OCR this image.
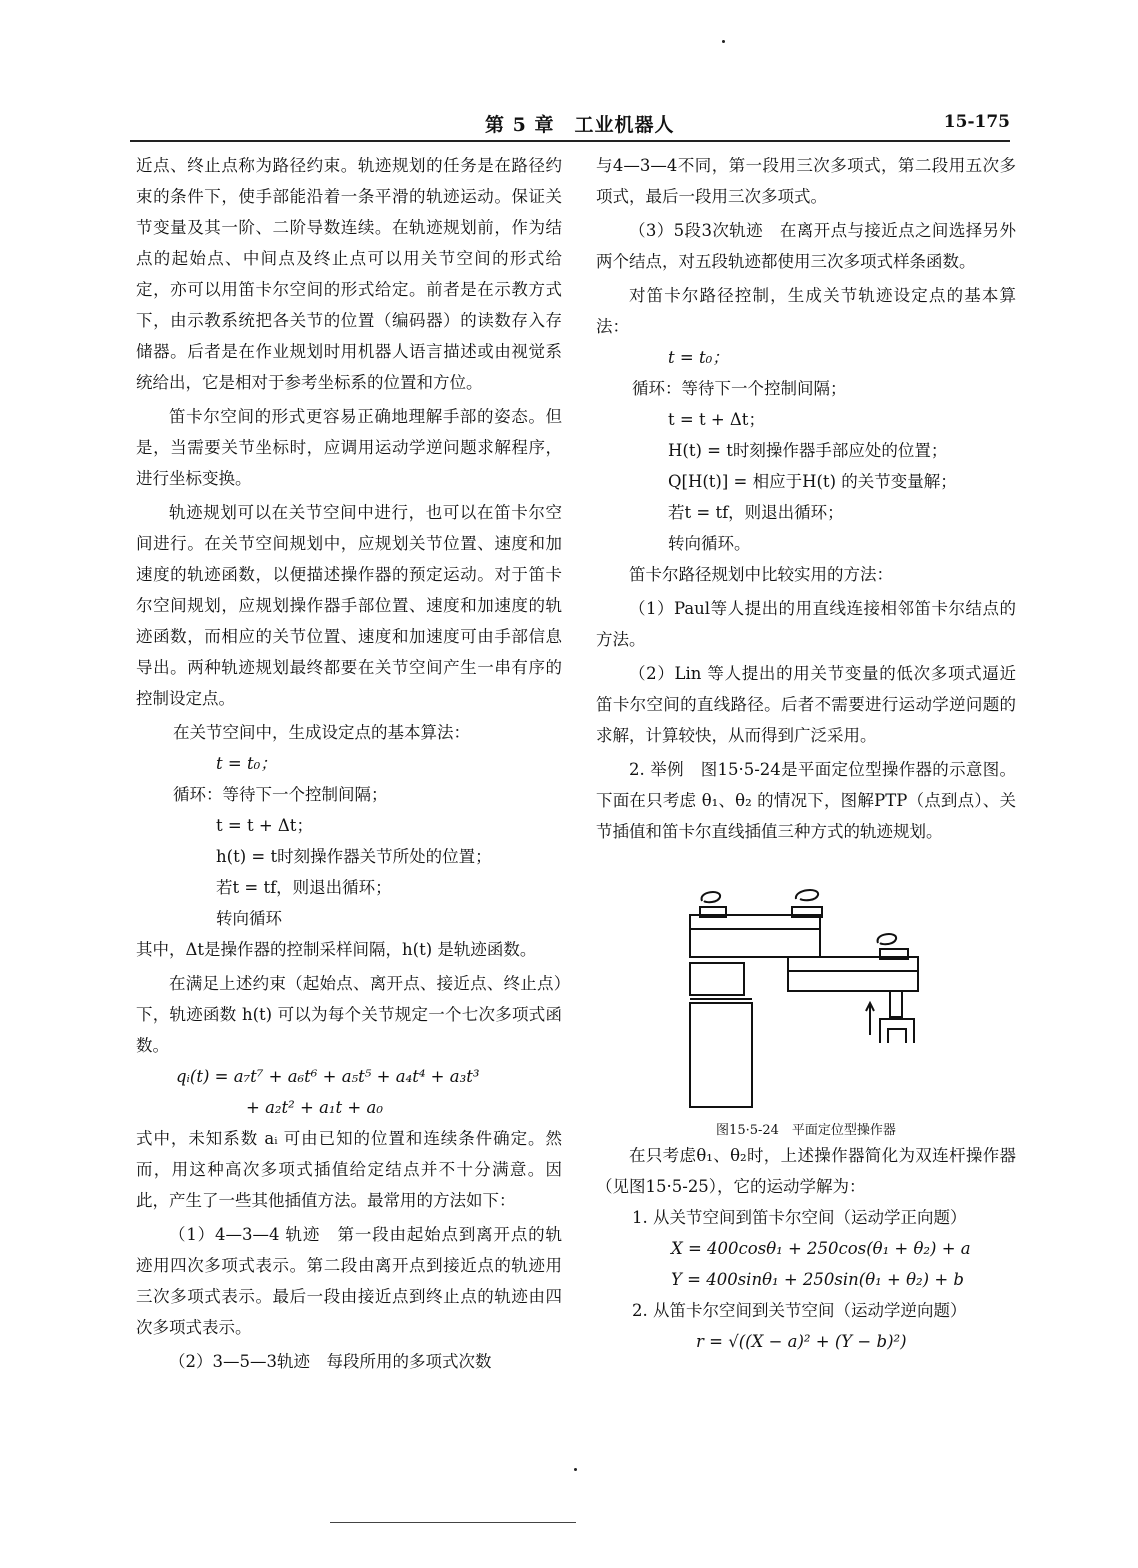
第 5 章　工业机器人	15-175

近点、终止点称为路径约束。轨迹规划的任务是在路径约束的条件下，使手部能沿着一条平滑的轨迹运动。保证关节变量及其一阶、二阶导数连续。在轨迹规划前，作为结点的起始点、中间点及终止点可以用关节空间的形式给定，亦可以用笛卡尔空间的形式给定。前者是在示教方式下，由示教系统把各关节的位置（编码器）的读数存入存储器。后者是在作业规划时用机器人语言描述或由视觉系统给出，它是相对于参考坐标系的位置和方位。

笛卡尔空间的形式更容易正确地理解手部的姿态。但是，当需要关节坐标时，应调用运动学逆问题求解程序，进行坐标变换。

轨迹规划可以在关节空间中进行，也可以在笛卡尔空间进行。在关节空间规划中，应规划关节位置、速度和加速度的轨迹函数，以便描述操作器的预定运动。对于笛卡尔空间规划，应规划操作器手部位置、速度和加速度的轨迹函数，而相应的关节位置、速度和加速度可由手部信息导出。两种轨迹规划最终都要在关节空间产生一串有序的控制设定点。

在关节空间中，生成设定点的基本算法：

t = t₀；

循环：等待下一个控制间隔；

t = t + Δt；

h(t) = t时刻操作器关节所处的位置；

若t = tf，则退出循环；

转向循环

其中，Δt是操作器的控制采样间隔，h(t) 是轨迹函数。

在满足上述约束（起始点、离开点、接近点、终止点）下，轨迹函数 h(t) 可以为每个关节规定一个七次多项式函数。

qᵢ(t) = a₇t⁷ + a₆t⁶ + a₅t⁵ + a₄t⁴ + a₃t³

+ a₂t² + a₁t + a₀

式中，未知系数 aᵢ 可由已知的位置和连续条件确定。然而，用这种高次多项式插值给定结点并不十分满意。因此，产生了一些其他插值方法。最常用的方法如下：

（1）4—3—4 轨迹　第一段由起始点到离开点的轨迹用四次多项式表示。第二段由离开点到接近点的轨迹用三次多项式表示。最后一段由接近点到终止点的轨迹由四次多项式表示。

（2）3—5—3轨迹　每段所用的多项式次数

与4—3—4不同，第一段用三次多项式，第二段用五次多项式，最后一段用三次多项式。

（3）5段3次轨迹　在离开点与接近点之间选择另外两个结点，对五段轨迹都使用三次多项式样条函数。

对笛卡尔路径控制，生成关节轨迹设定点的基本算法：

t = t₀；

循环：等待下一个控制间隔；

t = t + Δt；

H(t) = t时刻操作器手部应处的位置；

Q[H(t)] = 相应于H(t) 的关节变量解；

若t = tf，则退出循环；

转向循环。

笛卡尔路径规划中比较实用的方法：

（1）Paul等人提出的用直线连接相邻笛卡尔结点的方法。

（2）Lin 等人提出的用关节变量的低次多项式逼近笛卡尔空间的直线路径。后者不需要进行运动学逆问题的求解，计算较快，从而得到广泛采用。

2. 举例　图15·5-24是平面定位型操作器的示意图。下面在只考虑 θ₁、θ₂ 的情况下，图解PTP（点到点）、关节插值和笛卡尔直线插值三种方式的轨迹规划。

图15·5-24　平面定位型操作器

在只考虑θ₁、θ₂时，上述操作器简化为双连杆操作器（见图15·5-25），它的运动学解为：

1. 从关节空间到笛卡尔空间（运动学正向题）

X = 400cosθ₁ + 250cos(θ₁ + θ₂) + a

Y = 400sinθ₁ + 250sin(θ₁ + θ₂) + b

2. 从笛卡尔空间到关节空间（运动学逆向题）

r = √((X − a)² + (Y − b)²)
